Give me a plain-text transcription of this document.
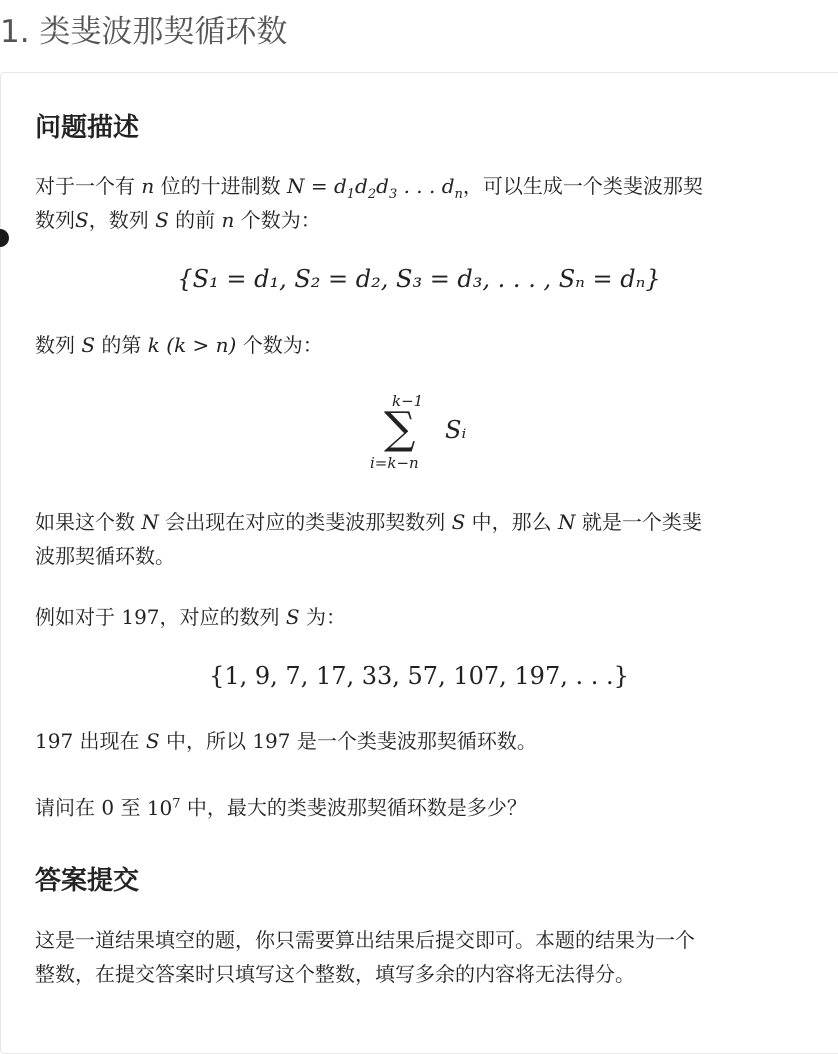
1. 类斐波那契循环数
问题描述
对于一个有 n 位的十进制数 $N = d_1d_2d_3$ . . . $d_n$，可以生成一个类斐波那契
数列S，数列 S 的前 n 个数为：
{S₁ = d₁, S₂ = d₂, S₃ = d₃, . . . , Sₙ = dₙ}
数列 S 的第 k (k > n) 个数为：
k−1
∑
i=k−n
Sᵢ
如果这个数 N 会出现在对应的类斐波那契数列 S 中，那么 N 就是一个类斐
波那契循环数。
例如对于 197，对应的数列 S 为：
{1, 9, 7, 17, 33, 57, 107, 197, . . .}
197 出现在 S 中，所以 197 是一个类斐波那契循环数。
请问在 0 至 $10^7$ 中，最大的类斐波那契循环数是多少？
答案提交
这是一道结果填空的题，你只需要算出结果后提交即可。本题的结果为一个
整数，在提交答案时只填写这个整数，填写多余的内容将无法得分。
